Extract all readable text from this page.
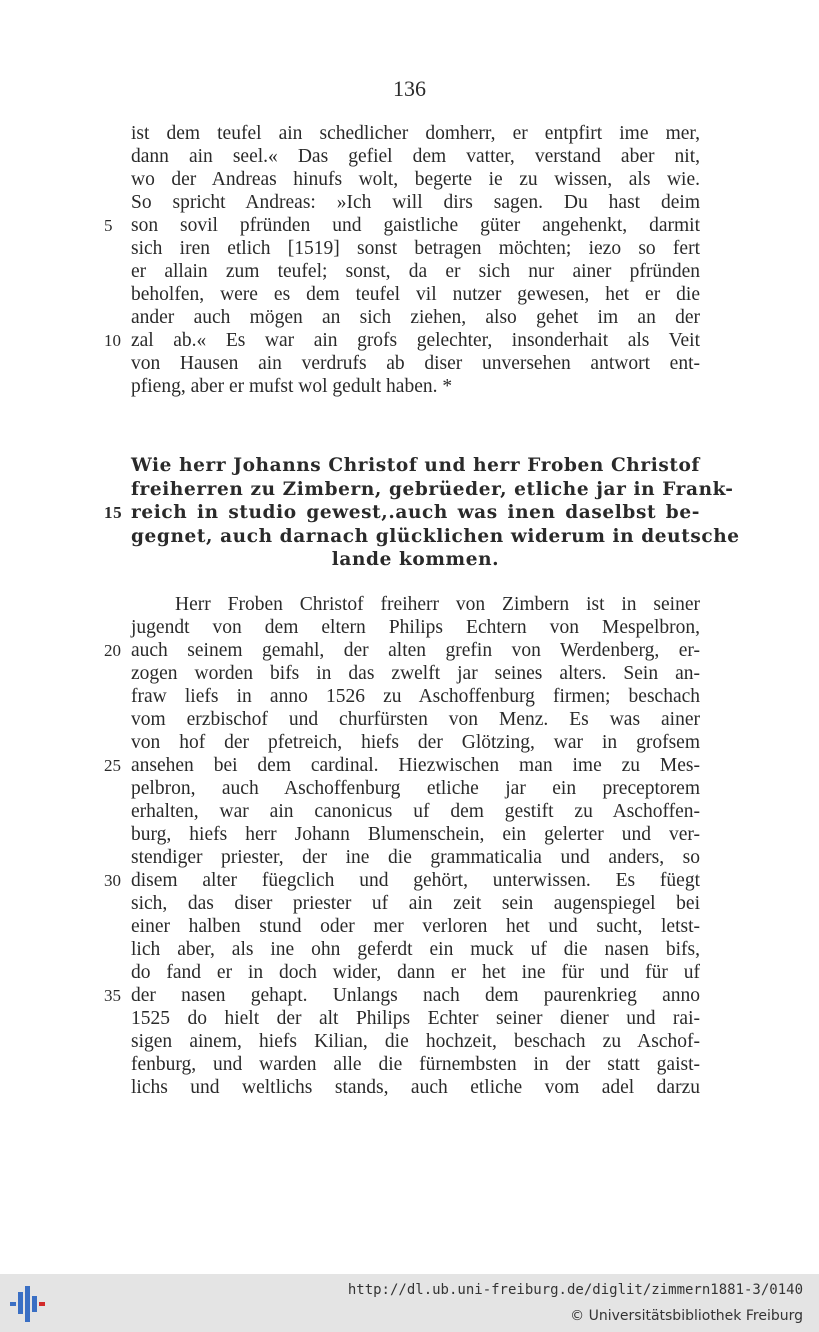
136
ist dem teufel ain schedlicher domherr, er entpfirt ime mer,
dann ain seel.« Das gefiel dem vatter, verstand aber nit,
wo der Andreas hinufs wolt, begerte ie zu wissen, als wie.
So spricht Andreas: »Ich will dirs sagen. Du hast deim
son sovil pfründen und gaistliche güter angehenkt, darmit
5
sich iren etlich [1519] sonst betragen möchten; iezo so fert
er allain zum teufel; sonst, da er sich nur ainer pfründen
beholfen, were es dem teufel vil nutzer gewesen, het er die
ander auch mögen an sich ziehen, also gehet im an der
zal ab.« Es war ain grofs gelechter, insonderhait als Veit
10
von Hausen ain verdrufs ab diser unversehen antwort ent-
pfieng, aber er mufst wol gedult haben. *
Wie herr Johanns Christof und herr Froben Christof
freiherren zu Zimbern, gebrüeder, etliche jar in Frank-
reich in studio gewest,.auch was inen daselbst be-
15
gegnet, auch darnach glücklichen widerum in deutsche
lande kommen.
Herr Froben Christof freiherr von Zimbern ist in seiner
jugendt von dem eltern Philips Echtern von Mespelbron,
auch seinem gemahl, der alten grefin von Werdenberg, er-
20
zogen worden bifs in das zwelft jar seines alters. Sein an-
fraw liefs in anno 1526 zu Aschoffenburg firmen; beschach
vom erzbischof und churfürsten von Menz. Es was ainer
von hof der pfetreich, hiefs der Glötzing, war in grofsem
ansehen bei dem cardinal. Hiezwischen man ime zu Mes-
25
pelbron, auch Aschoffenburg etliche jar ein preceptorem
erhalten, war ain canonicus uf dem gestift zu Aschoffen-
burg, hiefs herr Johann Blumenschein, ein gelerter und ver-
stendiger priester, der ine die grammaticalia und anders, so
disem alter füegclich und gehört, unterwissen. Es füegt
30
sich, das diser priester uf ain zeit sein augenspiegel bei
einer halben stund oder mer verloren het und sucht, letst-
lich aber, als ine ohn geferdt ein muck uf die nasen bifs,
do fand er in doch wider, dann er het ine für und für uf
der nasen gehapt. Unlangs nach dem paurenkrieg anno
35
1525 do hielt der alt Philips Echter seiner diener und rai-
sigen ainem, hiefs Kilian, die hochzeit, beschach zu Aschof-
fenburg, und warden alle die fürnembsten in der statt gaist-
lichs und weltlichs stands, auch etliche vom adel darzu
http://dl.ub.uni-freiburg.de/diglit/zimmern1881-3/0140
© Universitätsbibliothek Freiburg
